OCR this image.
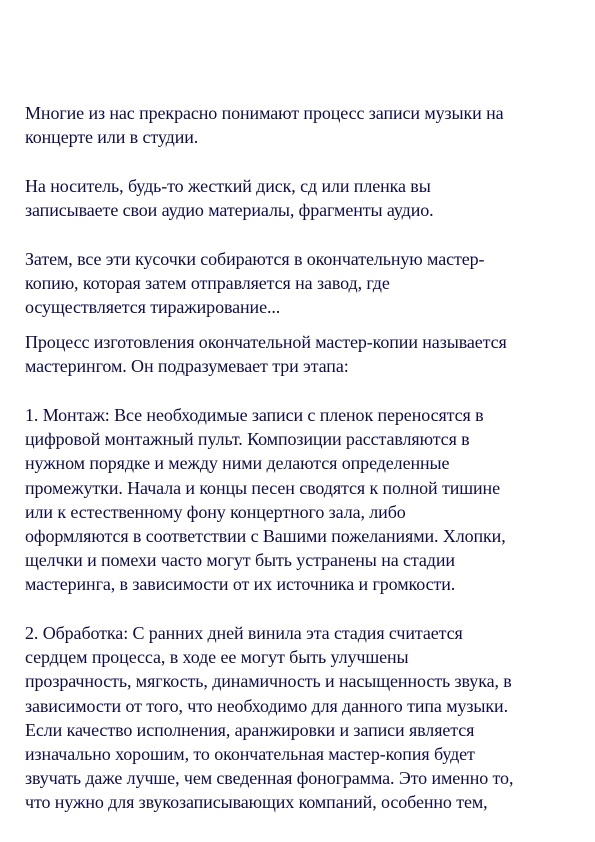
Многие из нас прекрасно понимают процесс записи музыки на
концерте или в студии.
На носитель, будь-то жесткий диск, сд или пленка вы
записываете свои аудио материалы, фрагменты аудио.
Затем, все эти кусочки собираются в окончательную мастер-
копию, которая затем отправляется на завод, где
осуществляется тиражирование...
Процесс изготовления окончательной мастер-копии называется
мастерингом. Он подразумевает три этапа:
1. Монтаж: Все необходимые записи с пленок переносятся в
цифровой монтажный пульт. Композиции расставляются в
нужном порядке и между ними делаются определенные
промежутки. Начала и концы песен сводятся к полной тишине
или к естественному фону концертного зала, либо
оформляются в соответствии с Вашими пожеланиями. Хлопки,
щелчки и помехи часто могут быть устранены на стадии
мастеринга, в зависимости от их источника и громкости.
2. Обработка: С ранних дней винила эта стадия считается
сердцем процесса, в ходе ее могут быть улучшены
прозрачность, мягкость, динамичность и насыщенность звука, в
зависимости от того, что необходимо для данного типа музыки.
Если качество исполнения, аранжировки и записи является
изначально хорошим, то окончательная мастер-копия будет
звучать даже лучше, чем сведенная фонограмма. Это именно то,
что нужно для звукозаписывающих компаний, особенно тем,
